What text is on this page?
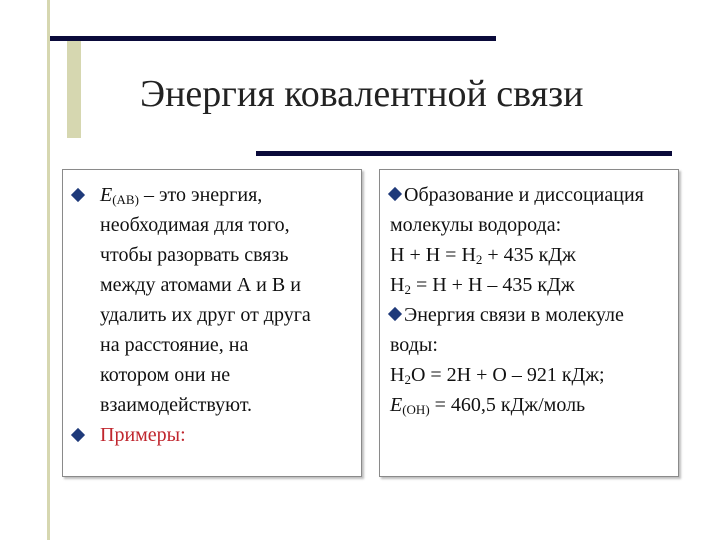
Энергия ковалентной связи
$E_{(AB)}$ – это энергия,
необходимая для того,
чтобы разорвать связь
между атомами А и В и
удалить их друг от друга
на расстояние, на
котором они не
взаимодействуют.
Примеры:
Образование и диссоциация
молекулы водорода:
$H + H = H_2 + 435$ кДж
$H_2 = H + H - 435$ кДж
Энергия связи в молекуле
воды:
$H_2O = 2H + O - 921$ кДж;
$E_{(OH)} = 460,5$ кДж/моль
